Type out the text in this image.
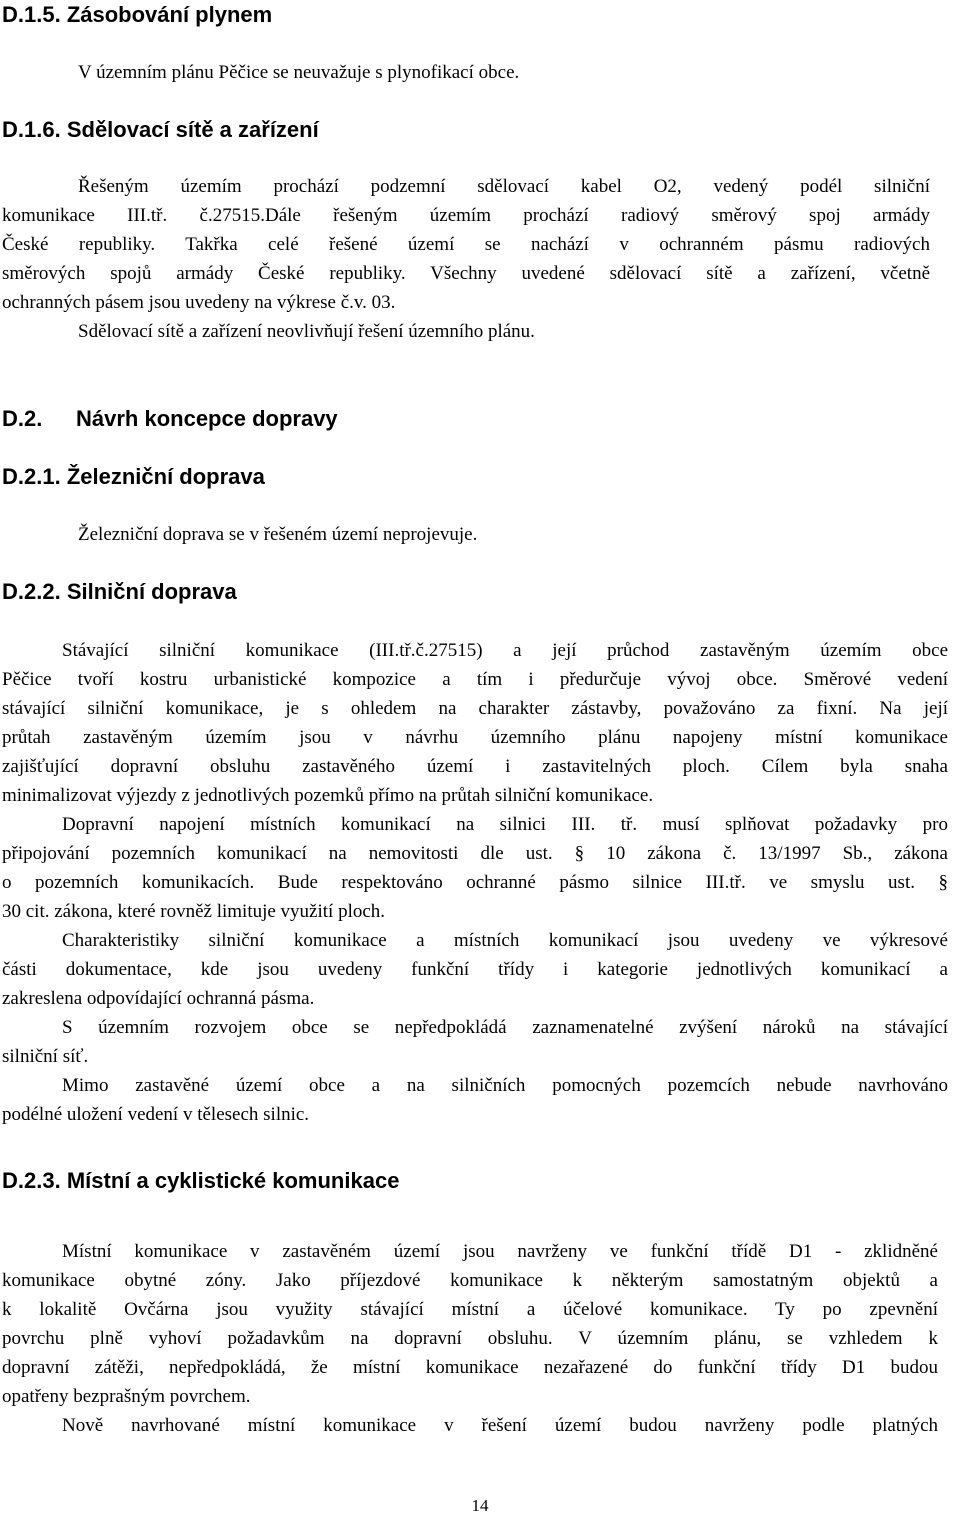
D.1.5. Zásobování plynem

V územním plánu Pěčice se neuvažuje s plynofikací obce.

D.1.6. Sdělovací sítě a zařízení
Řešeným územím prochází podzemní sdělovací kabel O2, vedený podél silniční
komunikace III.tř. č.27515.Dále řešeným územím prochází radiový směrový spoj armády
České republiky. Takřka celé řešené území se nachází v ochranném pásmu radiových
směrových spojů armády České republiky. Všechny uvedené sdělovací sítě a zařízení, včetně
ochranných pásem jsou uvedeny na výkrese č.v. 03.
Sdělovací sítě a zařízení neovlivňují řešení územního plánu.
D.2. Návrh koncepce dopravy
D.2.1. Železniční doprava

Železniční doprava se v řešeném území neprojevuje.

D.2.2. Silniční doprava
Stávající silniční komunikace (III.tř.č.27515) a její průchod zastavěným územím obce
Pěčice tvoří kostru urbanistické kompozice a tím i předurčuje vývoj obce. Směrové vedení
stávající silniční komunikace, je s ohledem na charakter zástavby, považováno za fixní. Na její
průtah zastavěným územím jsou v návrhu územního plánu napojeny místní komunikace
zajišťující dopravní obsluhu zastavěného území i zastavitelných ploch. Cílem byla snaha
minimalizovat výjezdy z jednotlivých pozemků přímo na průtah silniční komunikace.
Dopravní napojení místních komunikací na silnici III. tř. musí splňovat požadavky pro
připojování pozemních komunikací na nemovitosti dle ust. § 10 zákona č. 13/1997 Sb., zákona
o pozemních komunikacích. Bude respektováno ochranné pásmo silnice III.tř. ve smyslu ust. §
30 cit. zákona, které rovněž limituje využití ploch.
Charakteristiky silniční komunikace a místních komunikací jsou uvedeny ve výkresové
části dokumentace, kde jsou uvedeny funkční třídy i kategorie jednotlivých komunikací a
zakreslena odpovídající ochranná pásma.
S územním rozvojem obce se nepředpokládá zaznamenatelné zvýšení nároků na stávající
silniční síť.
Mimo zastavěné území obce a na silničních pomocných pozemcích nebude navrhováno
podélné uložení vedení v tělesech silnic.
D.2.3. Místní a cyklistické komunikace
Místní komunikace v zastavěném území jsou navrženy ve funkční třídě D1 - zklidněné
komunikace obytné zóny. Jako příjezdové komunikace k některým samostatným objektů a
k lokalitě Ovčárna jsou využity stávající místní a účelové komunikace. Ty po zpevnění
povrchu plně vyhoví požadavkům na dopravní obsluhu. V územním plánu, se vzhledem k
dopravní zátěži, nepředpokládá, že místní komunikace nezařazené do funkční třídy D1 budou
opatřeny bezprašným povrchem.
Nově navrhované místní komunikace v řešení území budou navrženy podle platných
14
